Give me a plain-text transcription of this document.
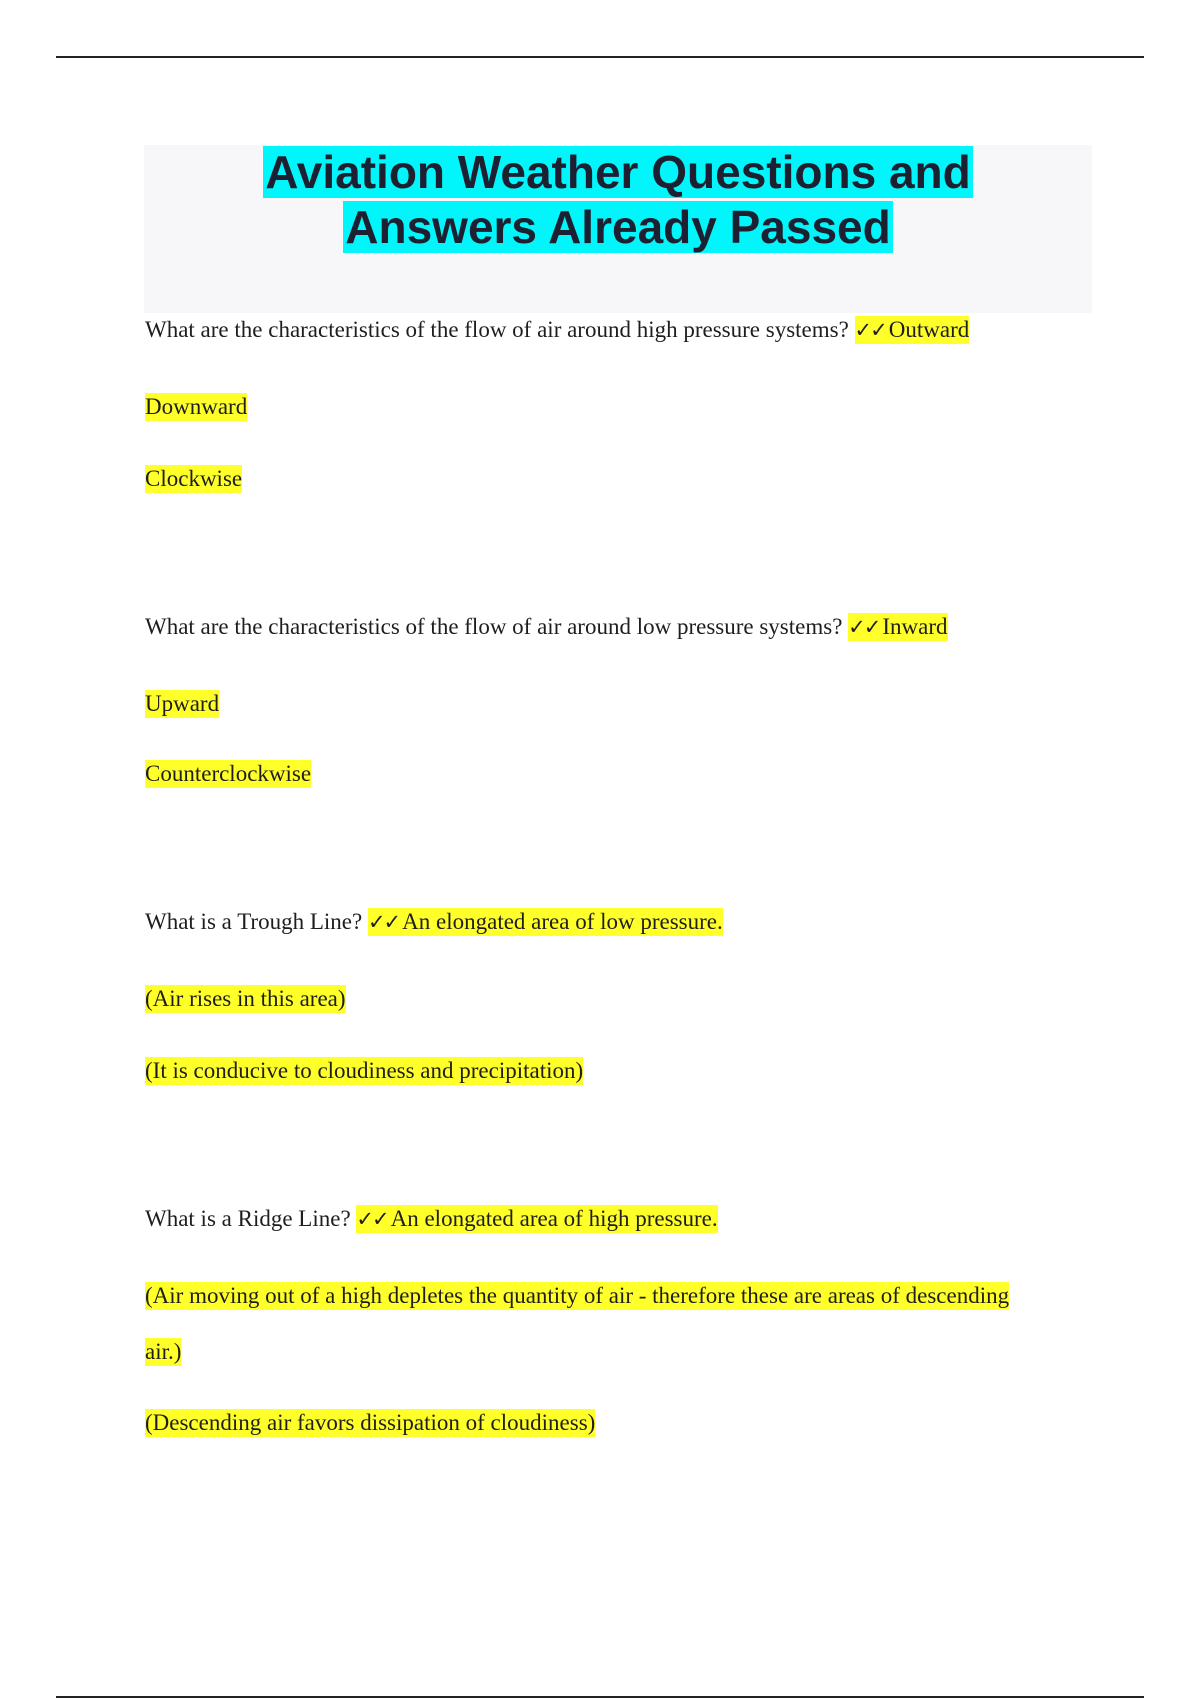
Aviation Weather Questions and
Answers Already Passed
What are the characteristics of the flow of air around high pressure systems? ✓✓ Outward
Downward
Clockwise
What are the characteristics of the flow of air around low pressure systems? ✓✓ Inward
Upward
Counterclockwise
What is a Trough Line? ✓✓ An elongated area of low pressure.
(Air rises in this area)
(It is conducive to cloudiness and precipitation)
What is a Ridge Line? ✓✓ An elongated area of high pressure.
(Air moving out of a high depletes the quantity of air - therefore these are areas of descending
air.)
(Descending air favors dissipation of cloudiness)
